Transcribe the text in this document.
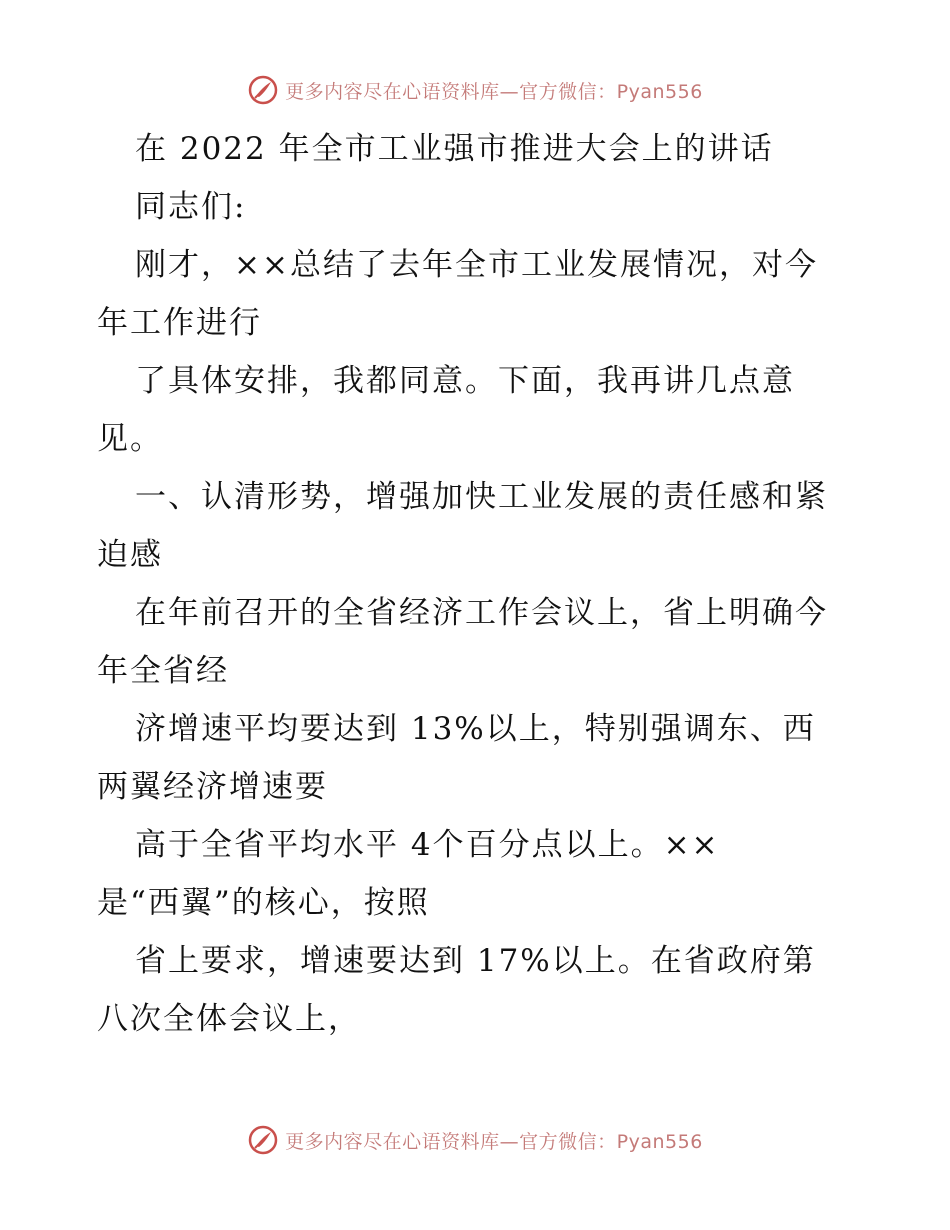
更多内容尽在心语资料库—官方微信：Pyan556
在 2022 年全市工业强市推进大会上的讲话
同志们:
刚才，××总结了去年全市工业发展情况，对今
年工作进行
了具体安排，我都同意。下面，我再讲几点意
见。
一、认清形势，增强加快工业发展的责任感和紧
迫感
在年前召开的全省经济工作会议上，省上明确今
年全省经
济增速平均要达到 13%以上，特别强调东、西
两翼经济增速要
高于全省平均水平 4个百分点以上。××
是“西翼”的核心，按照
省上要求，增速要达到 17%以上。在省政府第
八次全体会议上，
更多内容尽在心语资料库—官方微信：Pyan556
